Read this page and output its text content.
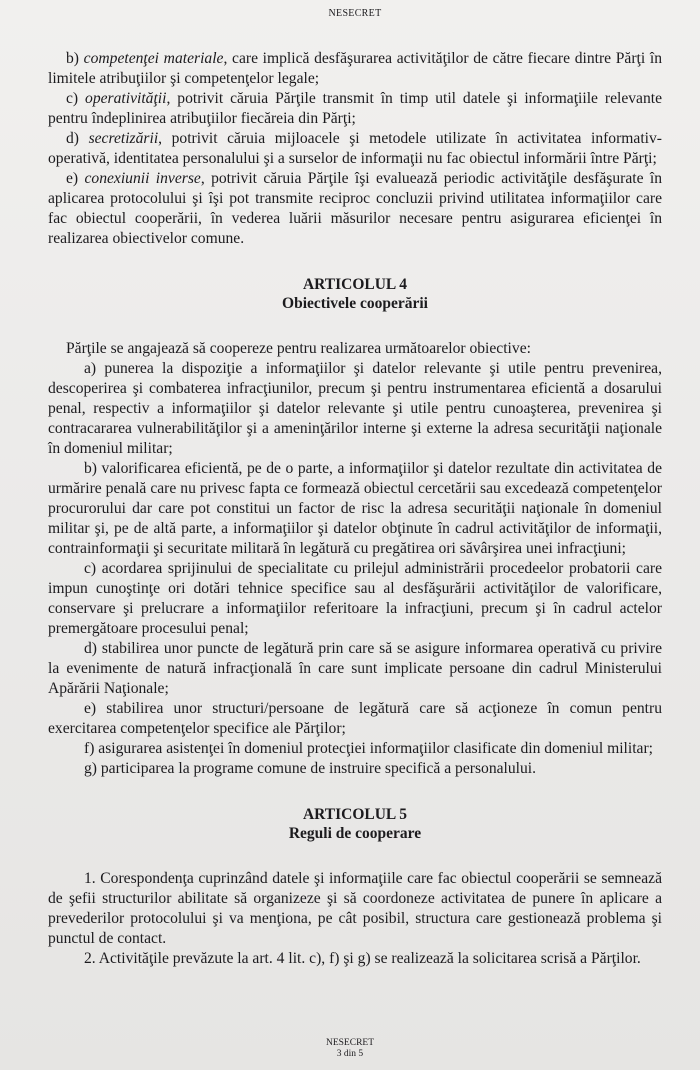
NESECRET

b) competenţei materiale, care implică desfăşurarea activităţilor de către fiecare dintre Părţi în limitele atribuţiilor şi competenţelor legale;

c) operativităţii, potrivit căruia Părţile transmit în timp util datele şi informaţiile relevante pentru îndeplinirea atribuţiilor fiecăreia din Părţi;

d) secretizării, potrivit căruia mijloacele şi metodele utilizate în activitatea informativ-operativă, identitatea personalului şi a surselor de informaţii nu fac obiectul informării între Părţi;

e) conexiunii inverse, potrivit căruia Părţile îşi evaluează periodic activităţile desfăşurate în aplicarea protocolului şi îşi pot transmite reciproc concluzii privind utilitatea informaţiilor care fac obiectul cooperării, în vederea luării măsurilor necesare pentru asigurarea eficienţei în realizarea obiectivelor comune.

ARTICOLUL 4
Obiectivele cooperării

Părţile se angajează să coopereze pentru realizarea următoarelor obiective:

a) punerea la dispoziţie a informaţiilor şi datelor relevante şi utile pentru prevenirea, descoperirea şi combaterea infracţiunilor, precum şi pentru instrumentarea eficientă a dosarului penal, respectiv a informaţiilor şi datelor relevante şi utile pentru cunoaşterea, prevenirea şi contracararea vulnerabilităţilor şi a ameninţărilor interne şi externe la adresa securităţii naţionale în domeniul militar;

b) valorificarea eficientă, pe de o parte, a informaţiilor şi datelor rezultate din activitatea de urmărire penală care nu privesc fapta ce formează obiectul cercetării sau excedează competenţelor procurorului dar care pot constitui un factor de risc la adresa securităţii naţionale în domeniul militar şi, pe de altă parte, a informaţiilor şi datelor obţinute în cadrul activităţilor de informaţii, contrainformaţii şi securitate militară în legătură cu pregătirea ori săvârşirea unei infracţiuni;

c) acordarea sprijinului de specialitate cu prilejul administrării procedeelor probatorii care impun cunoştinţe ori dotări tehnice specifice sau al desfăşurării activităţilor de valorificare, conservare şi prelucrare a informaţiilor referitoare la infracţiuni, precum şi în cadrul actelor premergătoare procesului penal;

d) stabilirea unor puncte de legătură prin care să se asigure informarea operativă cu privire la evenimente de natură infracţională în care sunt implicate persoane din cadrul Ministerului Apărării Naţionale;

e) stabilirea unor structuri/persoane de legătură care să acţioneze în comun pentru exercitarea competenţelor specifice ale Părţilor;

f) asigurarea asistenţei în domeniul protecţiei informaţiilor clasificate din domeniul militar;

g) participarea la programe comune de instruire specifică a personalului.

ARTICOLUL 5
Reguli de cooperare

1. Corespondenţa cuprinzând datele şi informaţiile care fac obiectul cooperării se semnează de şefii structurilor abilitate să organizeze şi să coordoneze activitatea de punere în aplicare a prevederilor protocolului şi va menţiona, pe cât posibil, structura care gestionează problema şi punctul de contact.

2. Activităţile prevăzute la art. 4 lit. c), f) şi g) se realizează la solicitarea scrisă a Părţilor.

NESECRET
3 din 5
